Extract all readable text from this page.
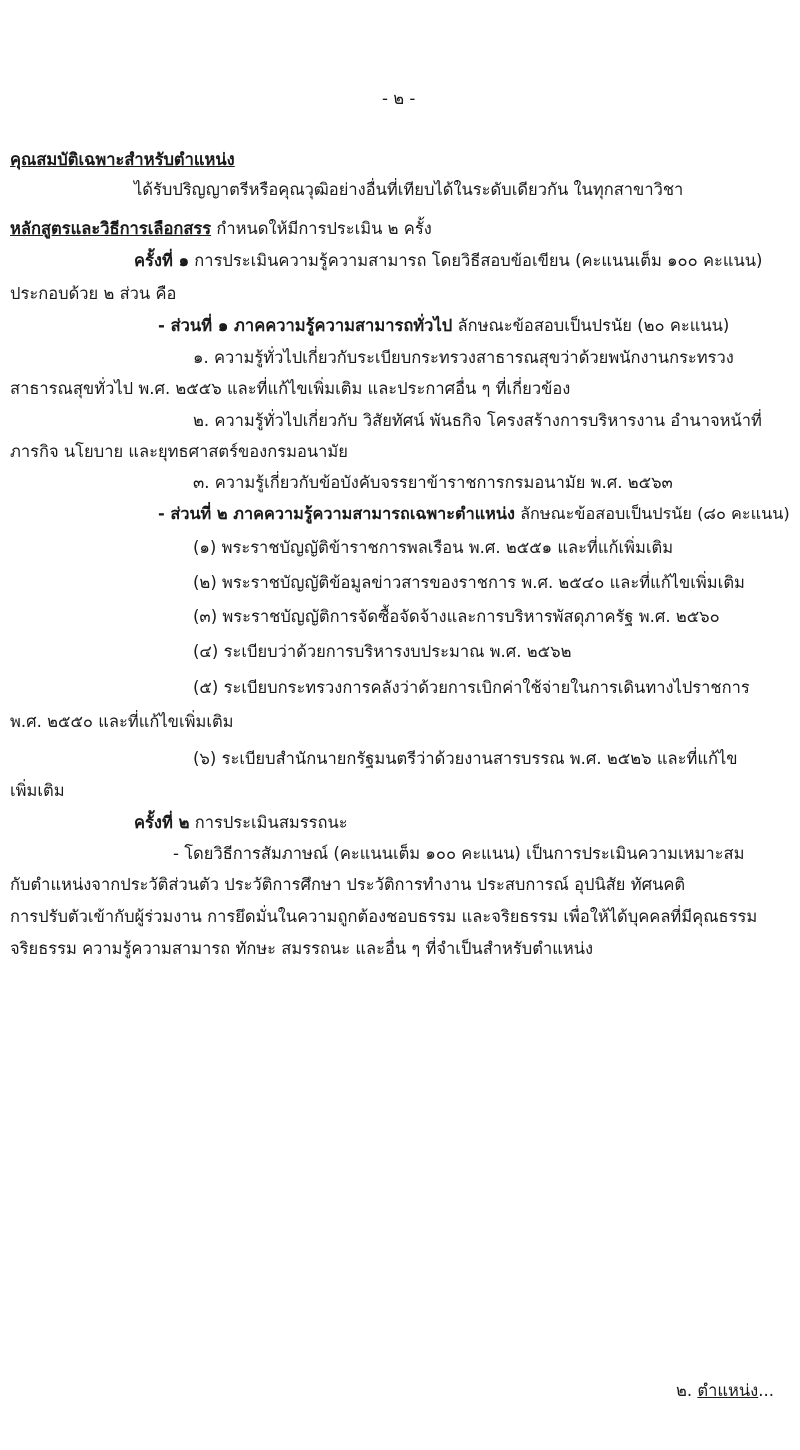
- ๒ -
คุณสมบัติเฉพาะสำหรับตำแหน่ง
ได้รับปริญญาตรีหรือคุณวุฒิอย่างอื่นที่เทียบได้ในระดับเดียวกัน ในทุกสาขาวิชา
หลักสูตรและวิธีการเลือกสรร กำหนดให้มีการประเมิน ๒ ครั้ง
ครั้งที่ ๑ การประเมินความรู้ความสามารถ โดยวิธีสอบข้อเขียน (คะแนนเต็ม ๑๐๐ คะแนน)
ประกอบด้วย ๒ ส่วน คือ
- ส่วนที่ ๑ ภาคความรู้ความสามารถทั่วไป ลักษณะข้อสอบเป็นปรนัย (๒๐ คะแนน)
๑. ความรู้ทั่วไปเกี่ยวกับระเบียบกระทรวงสาธารณสุขว่าด้วยพนักงานกระทรวง
สาธารณสุขทั่วไป พ.ศ. ๒๕๕๖ และที่แก้ไขเพิ่มเติม และประกาศอื่น ๆ ที่เกี่ยวข้อง
๒. ความรู้ทั่วไปเกี่ยวกับ วิสัยทัศน์ พันธกิจ โครงสร้างการบริหารงาน อำนาจหน้าที่
ภารกิจ นโยบาย และยุทธศาสตร์ของกรมอนามัย
๓. ความรู้เกี่ยวกับข้อบังคับจรรยาข้าราชการกรมอนามัย พ.ศ. ๒๕๖๓
- ส่วนที่ ๒ ภาคความรู้ความสามารถเฉพาะตำแหน่ง ลักษณะข้อสอบเป็นปรนัย (๘๐ คะแนน)
(๑) พระราชบัญญัติข้าราชการพลเรือน พ.ศ. ๒๕๕๑ และที่แก้เพิ่มเติม
(๒) พระราชบัญญัติข้อมูลข่าวสารของราชการ พ.ศ. ๒๕๔๐ และที่แก้ไขเพิ่มเติม
(๓) พระราชบัญญัติการจัดซื้อจัดจ้างและการบริหารพัสดุภาครัฐ พ.ศ. ๒๕๖๐
(๔) ระเบียบว่าด้วยการบริหารงบประมาณ พ.ศ. ๒๕๖๒
(๕) ระเบียบกระทรวงการคลังว่าด้วยการเบิกค่าใช้จ่ายในการเดินทางไปราชการ
พ.ศ. ๒๕๕๐ และที่แก้ไขเพิ่มเติม
(๖) ระเบียบสำนักนายกรัฐมนตรีว่าด้วยงานสารบรรณ พ.ศ. ๒๕๒๖ และที่แก้ไข
เพิ่มเติม
ครั้งที่ ๒ การประเมินสมรรถนะ
- โดยวิธีการสัมภาษณ์ (คะแนนเต็ม ๑๐๐ คะแนน) เป็นการประเมินความเหมาะสม
กับตำแหน่งจากประวัติส่วนตัว ประวัติการศึกษา ประวัติการทำงาน ประสบการณ์ อุปนิสัย ทัศนคติ
การปรับตัวเข้ากับผู้ร่วมงาน การยึดมั่นในความถูกต้องชอบธรรม และจริยธรรม เพื่อให้ได้บุคคลที่มีคุณธรรม
จริยธรรม ความรู้ความสามารถ ทักษะ สมรรถนะ และอื่น ๆ ที่จำเป็นสำหรับตำแหน่ง
๒. ตำแหน่ง...
